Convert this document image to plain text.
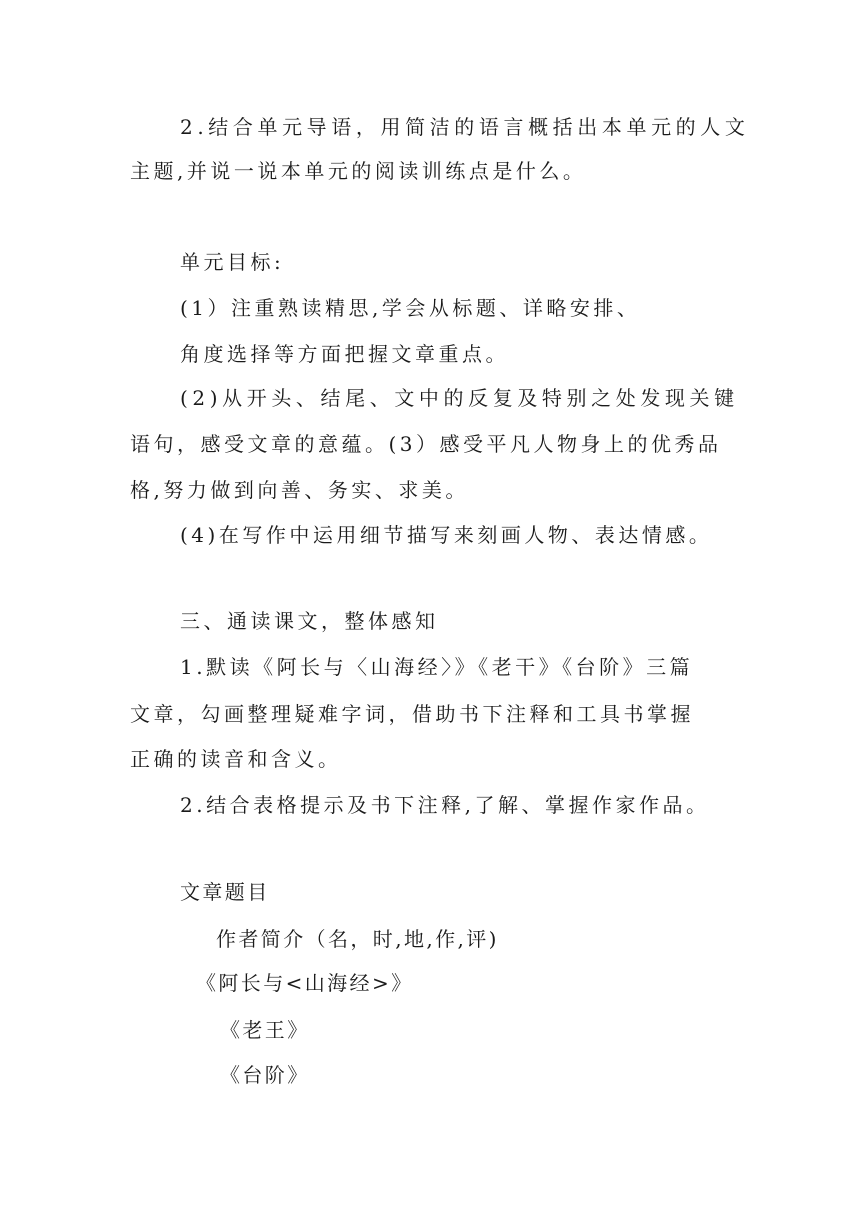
2.结合单元导语，用简洁的语言概括出本单元的人文

主题,并说一说本单元的阅读训练点是什么。

单元目标:

(1）注重熟读精思,学会从标题、详略安排、

角度选择等方面把握文章重点。

(2)从开头、结尾、文中的反复及特别之处发现关键

语句，感受文章的意蕴。(3）感受平凡人物身上的优秀品

格,努力做到向善、务实、求美。

(4)在写作中运用细节描写来刻画人物、表达情感。

三、通读课文，整体感知

1.默读《阿长与〈山海经〉》《老干》《台阶》三篇

文章，勾画整理疑难字词，借助书下注释和工具书掌握

正确的读音和含义。

2.结合表格提示及书下注释,了解、掌握作家作品。

文章题目

作者简介（名，时,地,作,评)

《阿长与<山海经>》

《老王》

《台阶》
